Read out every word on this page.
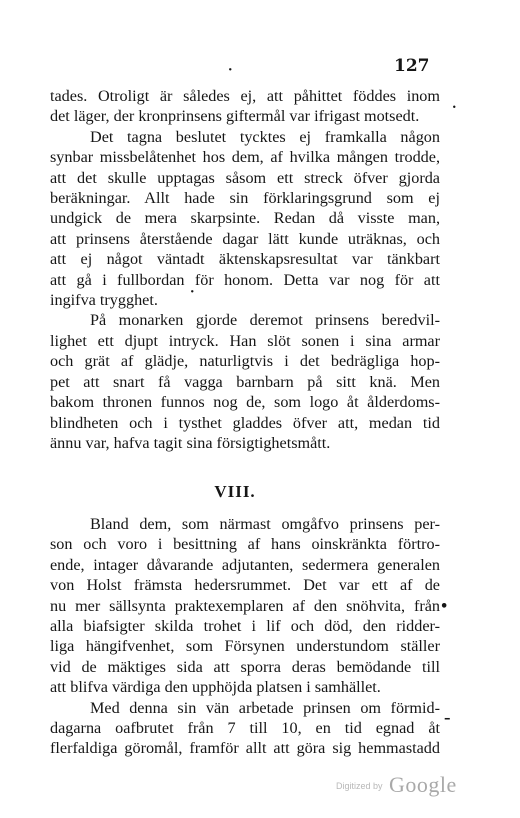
·	127
.
·
•
–
tades. Otroligt är således ej, att påhittet föddes inom
det läger, der kronprinsens giftermål var ifrigast motsedt.
Det tagna beslutet tycktes ej framkalla någon
synbar missbelåtenhet hos dem, af hvilka mången trodde,
att det skulle upptagas såsom ett streck öfver gjorda
beräkningar. Allt hade sin förklaringsgrund som ej
undgick de mera skarpsinte. Redan då visste man,
att prinsens återstående dagar lätt kunde uträknas, och
att ej något väntadt äktenskapsresultat var tänkbart
att gå i fullbordan för honom. Detta var nog för att
ingifva trygghet.
På monarken gjorde deremot prinsens beredvil-
lighet ett djupt intryck. Han slöt sonen i sina armar
och grät af glädje, naturligtvis i det bedrägliga hop-
pet att snart få vagga barnbarn på sitt knä. Men
bakom thronen funnos nog de, som logo åt ålderdoms-
blindheten och i tysthet gladdes öfver att, medan tid
ännu var, hafva tagit sina försigtighetsmått.
VIII.
Bland dem, som närmast omgåfvo prinsens per-
son och voro i besittning af hans oinskränkta förtro-
ende, intager dåvarande adjutanten, sedermera generalen
von Holst främsta hedersrummet. Det var ett af de
nu mer sällsynta praktexemplaren af den snöhvita, från
alla biafsigter skilda trohet i lif och död, den ridder-
liga hängifvenhet, som Försynen understundom ställer
vid de mäktiges sida att sporra deras bemödande till
att blifva värdiga den upphöjda platsen i samhället.
Med denna sin vän arbetade prinsen om förmid-
dagarna oafbrutet från 7 till 10, en tid egnad åt
flerfaldiga göromål, framför allt att göra sig hemmastadd
Digitized by Google
